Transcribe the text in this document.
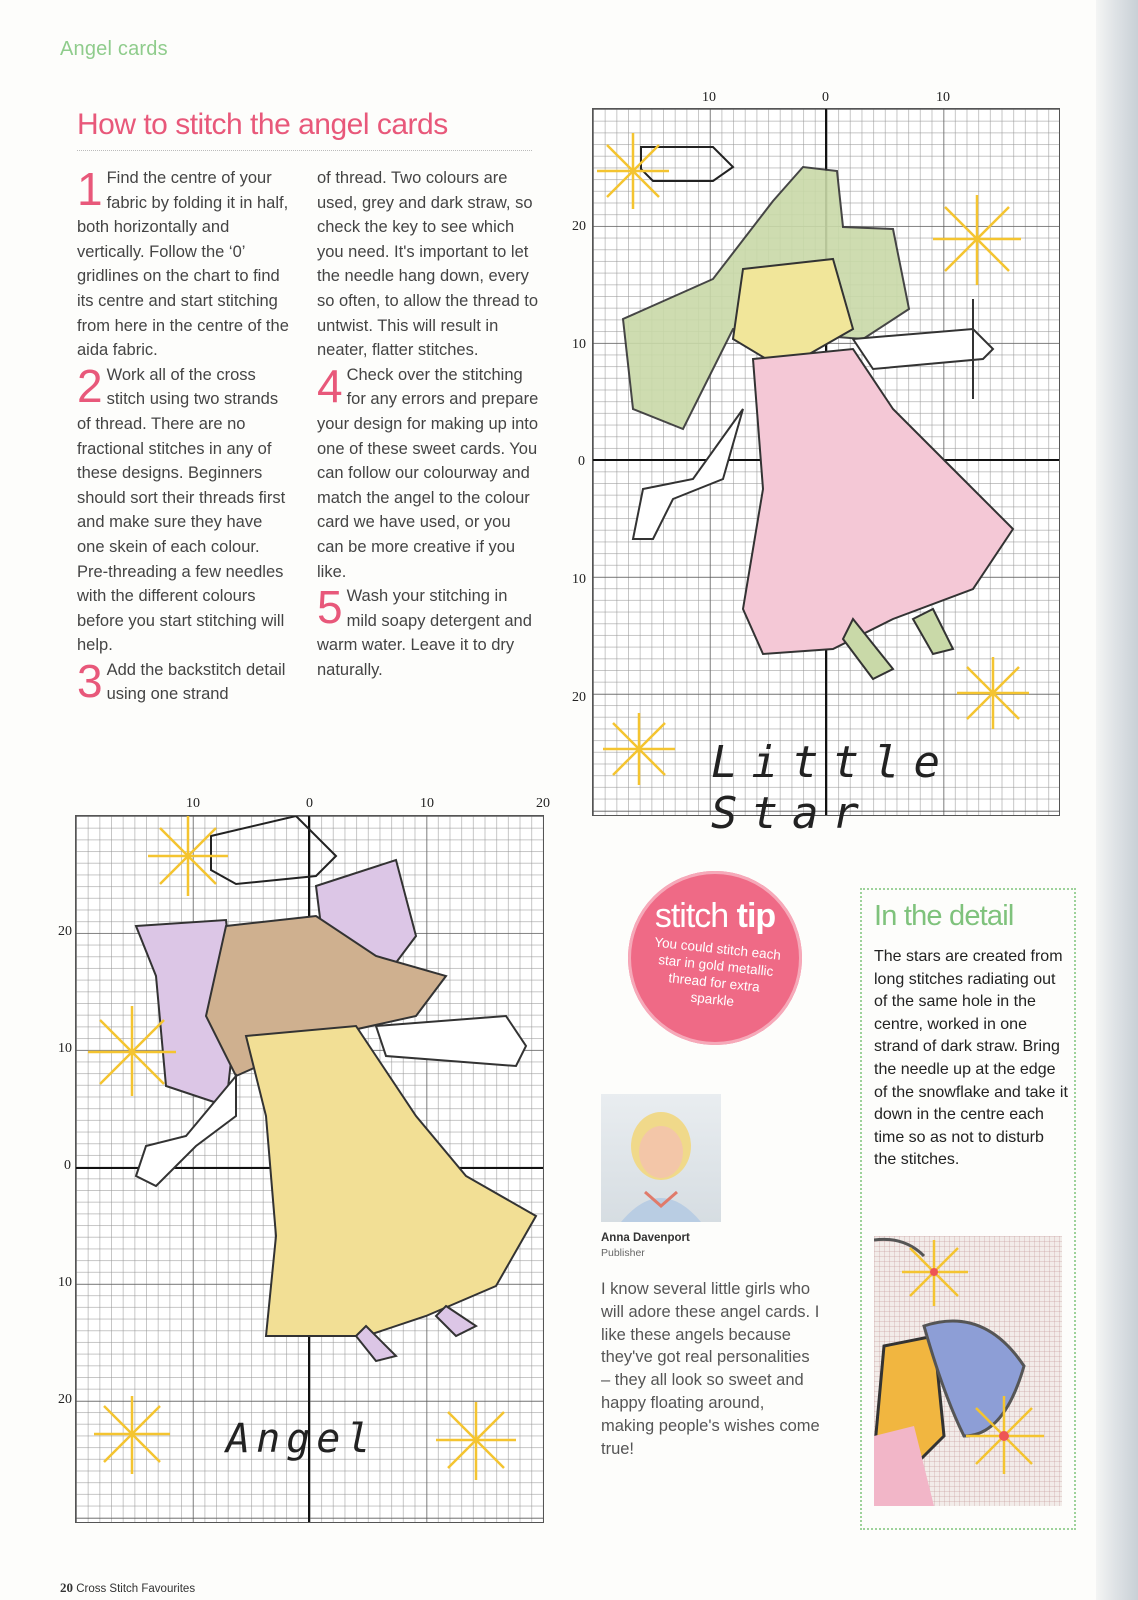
Angel cards
How to stitch the angel cards

1 Find the centre of your fabric by folding it in half, both horizontally and vertically. Follow the ‘0’ gridlines on the chart to find its centre and start stitching from here in the centre of the aida fabric.

2 Work all of the cross stitch using two strands of thread. There are no fractional stitches in any of these designs. Beginners should sort their threads first and make sure they have one skein of each colour. Pre-threading a few needles with the different colours before you start stitching will help.

3 Add the backstitch detail using one strand

of thread. Two colours are used, grey and dark straw, so check the key to see which you need. It's important to let the needle hang down, every so often, to allow the thread to untwist. This will result in neater, flatter stitches.

4 Check over the stitching for any errors and prepare your design for making up into one of these sweet cards. You can follow our colourway and match the angel to the colour card we have used, or you can be more creative if you like.

5 Wash your stitching in mild soapy detergent and warm water. Leave it to dry naturally.

10	0	10
20
10
0
10
20
Little Star
10	0	10	20
20
10
0
10
20
Angel
stitch tip
You could stitch each star in gold metallic thread for extra sparkle
Anna Davenport
Publisher
I know several little girls who will adore these angel cards. I like these angels because they've got real personalities – they all look so sweet and happy floating around, making people's wishes come true!
In the detail
The stars are created from long stitches radiating out of the same hole in the centre, worked in one strand of dark straw. Bring the needle up at the edge of the snowflake and take it down in the centre each time so as not to disturb the stitches.
20 Cross Stitch Favourites
